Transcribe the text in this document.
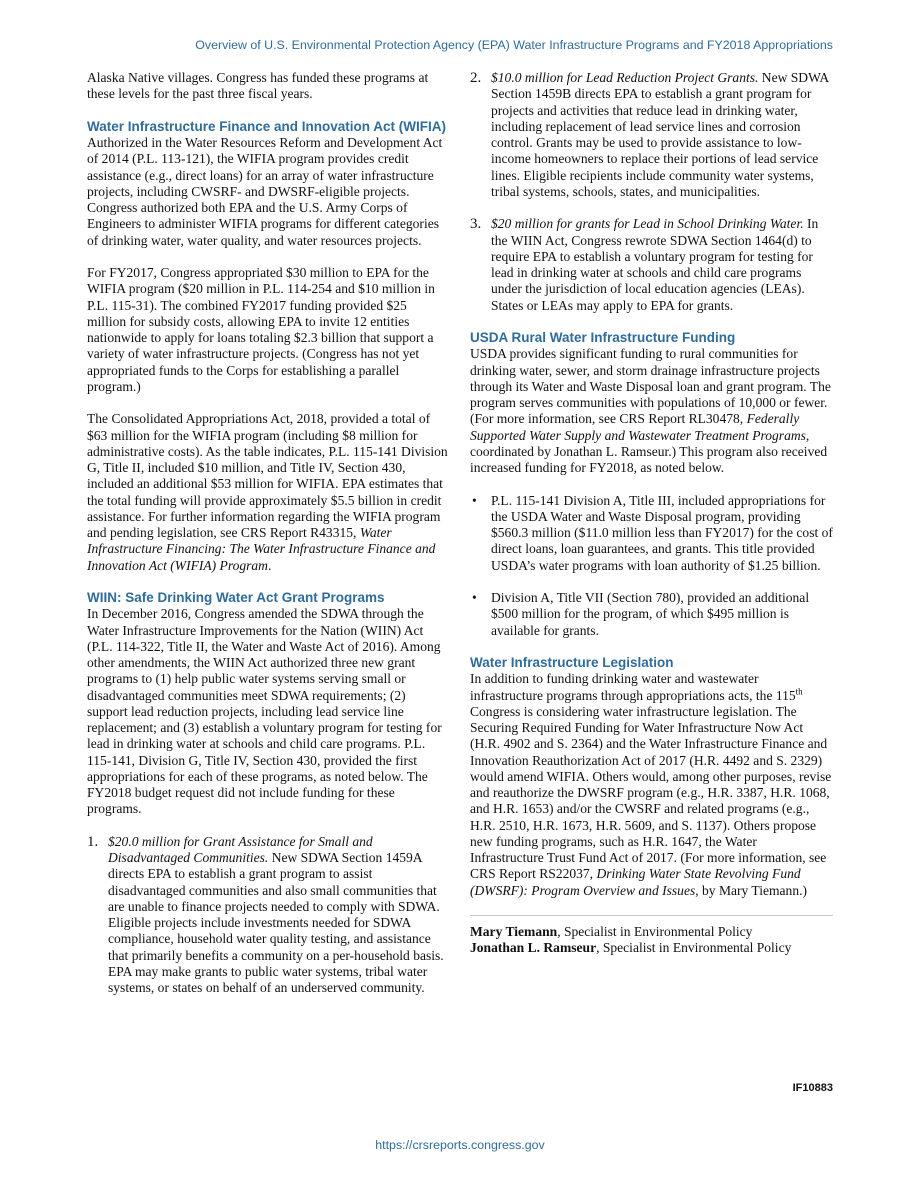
Overview of U.S. Environmental Protection Agency (EPA) Water Infrastructure Programs and FY2018 Appropriations

Alaska Native villages. Congress has funded these programs at these levels for the past three fiscal years.

Water Infrastructure Finance and Innovation Act (WIFIA)

Authorized in the Water Resources Reform and Development Act of 2014 (P.L. 113-121), the WIFIA program provides credit assistance (e.g., direct loans) for an array of water infrastructure projects, including CWSRF- and DWSRF-eligible projects. Congress authorized both EPA and the U.S. Army Corps of Engineers to administer WIFIA programs for different categories of drinking water, water quality, and water resources projects.

For FY2017, Congress appropriated $30 million to EPA for the WIFIA program ($20 million in P.L. 114-254 and $10 million in P.L. 115-31). The combined FY2017 funding provided $25 million for subsidy costs, allowing EPA to invite 12 entities nationwide to apply for loans totaling $2.3 billion that support a variety of water infrastructure projects. (Congress has not yet appropriated funds to the Corps for establishing a parallel program.)

The Consolidated Appropriations Act, 2018, provided a total of $63 million for the WIFIA program (including $8 million for administrative costs). As the table indicates, P.L. 115-141 Division G, Title II, included $10 million, and Title IV, Section 430, included an additional $53 million for WIFIA. EPA estimates that the total funding will provide approximately $5.5 billion in credit assistance. For further information regarding the WIFIA program and pending legislation, see CRS Report R43315, Water Infrastructure Financing: The Water Infrastructure Finance and Innovation Act (WIFIA) Program.

WIIN: Safe Drinking Water Act Grant Programs

In December 2016, Congress amended the SDWA through the Water Infrastructure Improvements for the Nation (WIIN) Act (P.L. 114-322, Title II, the Water and Waste Act of 2016). Among other amendments, the WIIN Act authorized three new grant programs to (1) help public water systems serving small or disadvantaged communities meet SDWA requirements; (2) support lead reduction projects, including lead service line replacement; and (3) establish a voluntary program for testing for lead in drinking water at schools and child care programs. P.L. 115-141, Division G, Title IV, Section 430, provided the first appropriations for each of these programs, as noted below. The FY2018 budget request did not include funding for these programs.

1. $20.0 million for Grant Assistance for Small and Disadvantaged Communities. New SDWA Section 1459A directs EPA to establish a grant program to assist disadvantaged communities and also small communities that are unable to finance projects needed to comply with SDWA. Eligible projects include investments needed for SDWA compliance, household water quality testing, and assistance that primarily benefits a community on a per-household basis. EPA may make grants to public water systems, tribal water systems, or states on behalf of an underserved community.
2. $10.0 million for Lead Reduction Project Grants. New SDWA Section 1459B directs EPA to establish a grant program for projects and activities that reduce lead in drinking water, including replacement of lead service lines and corrosion control. Grants may be used to provide assistance to low-income homeowners to replace their portions of lead service lines. Eligible recipients include community water systems, tribal systems, schools, states, and municipalities.
3. $20 million for grants for Lead in School Drinking Water. In the WIIN Act, Congress rewrote SDWA Section 1464(d) to require EPA to establish a voluntary program for testing for lead in drinking water at schools and child care programs under the jurisdiction of local education agencies (LEAs). States or LEAs may apply to EPA for grants.
USDA Rural Water Infrastructure Funding

USDA provides significant funding to rural communities for drinking water, sewer, and storm drainage infrastructure projects through its Water and Waste Disposal loan and grant program. The program serves communities with populations of 10,000 or fewer. (For more information, see CRS Report RL30478, Federally Supported Water Supply and Wastewater Treatment Programs, coordinated by Jonathan L. Ramseur.) This program also received increased funding for FY2018, as noted below.

• P.L. 115-141 Division A, Title III, included appropriations for the USDA Water and Waste Disposal program, providing $560.3 million ($11.0 million less than FY2017) for the cost of direct loans, loan guarantees, and grants. This title provided USDA’s water programs with loan authority of $1.25 billion.
• Division A, Title VII (Section 780), provided an additional $500 million for the program, of which $495 million is available for grants.
Water Infrastructure Legislation

In addition to funding drinking water and wastewater infrastructure programs through appropriations acts, the 115th Congress is considering water infrastructure legislation. The Securing Required Funding for Water Infrastructure Now Act (H.R. 4902 and S. 2364) and the Water Infrastructure Finance and Innovation Reauthorization Act of 2017 (H.R. 4492 and S. 2329) would amend WIFIA. Others would, among other purposes, revise and reauthorize the DWSRF program (e.g., H.R. 3387, H.R. 1068, and H.R. 1653) and/or the CWSRF and related programs (e.g., H.R. 2510, H.R. 1673, H.R. 5609, and S. 1137). Others propose new funding programs, such as H.R. 1647, the Water Infrastructure Trust Fund Act of 2017. (For more information, see CRS Report RS22037, Drinking Water State Revolving Fund (DWSRF): Program Overview and Issues, by Mary Tiemann.)

Mary Tiemann, Specialist in Environmental Policy
Jonathan L. Ramseur, Specialist in Environmental Policy
IF10883
https://crsreports.congress.gov
